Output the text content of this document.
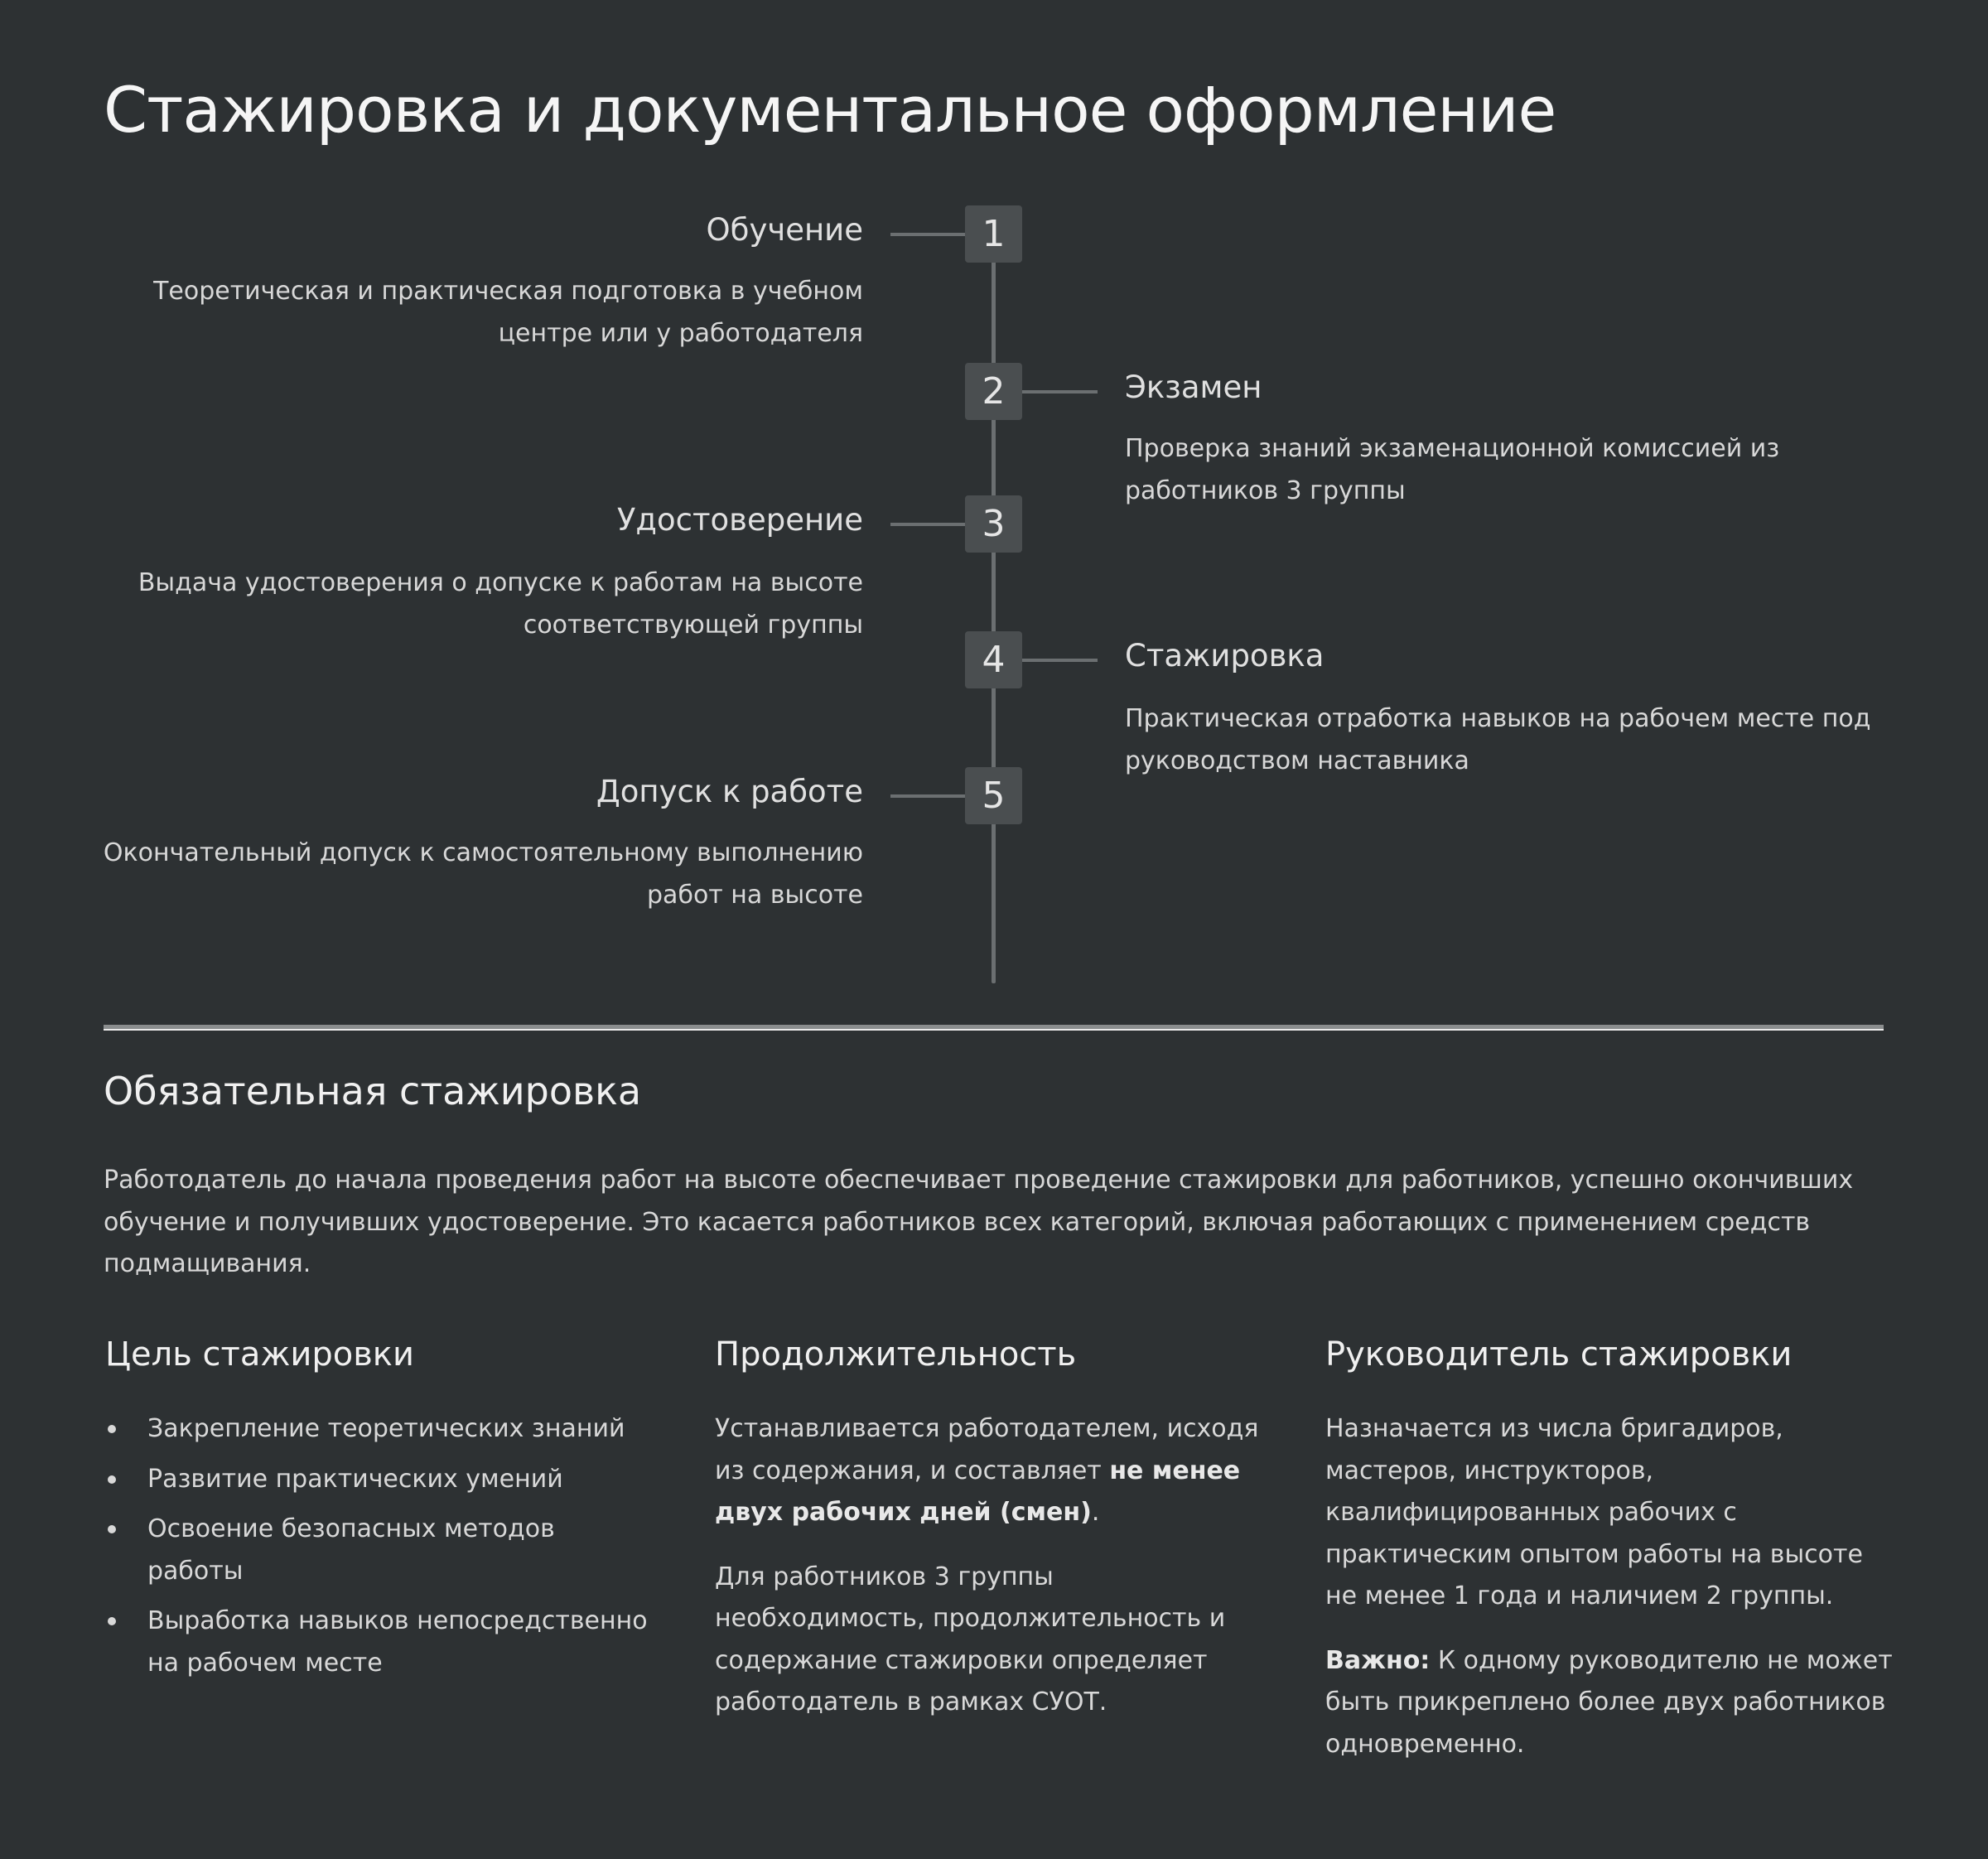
Стажировка и документальное оформление
1
Обучение
Теоретическая и практическая подготовка в учебном центре или у работодателя
2	Экзамен
Проверка знаний экзаменационной комиссией из работников 3 группы
3
Удостоверение
Выдача удостоверения о допуске к работам на высоте соответствующей группы
4	Стажировка
Практическая отработка навыков на рабочем месте под руководством наставника
5
Допуск к работе
Окончательный допуск к самостоятельному выполнению работ на высоте
Обязательная стажировка

Работодатель до начала проведения работ на высоте обеспечивает проведение стажировки для работников, успешно окончивших обучение и получивших удостоверение. Это касается работников всех категорий, включая работающих с применением средств подмащивания.

Цель стажировки
Закрепление теоретических знаний
Развитие практических умений
Освоение безопасных методов работы
Выработка навыков непосредственно на рабочем месте
Продолжительность

Устанавливается работодателем, исходя из содержания, и составляет не менее двух рабочих дней (смен).

Для работников 3 группы необходимость, продолжительность и содержание стажировки определяет работодатель в рамках СУОТ.

Руководитель стажировки

Назначается из числа бригадиров, мастеров, инструкторов, квалифицированных рабочих с практическим опытом работы на высоте не менее 1 года и наличием 2 группы.

Важно: К одному руководителю не может быть прикреплено более двух работников одновременно.
